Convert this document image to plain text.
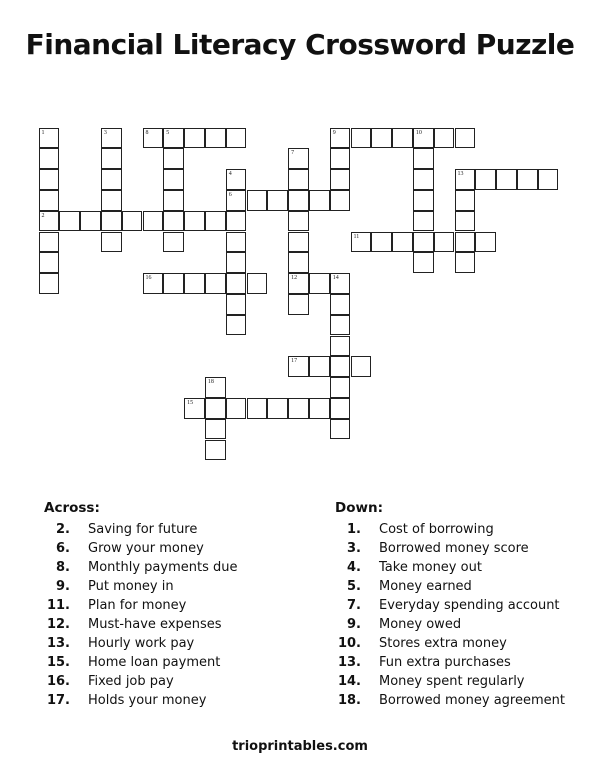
Financial Literacy Crossword Puzzle
1
2
3
4
6
5
7
12
9	10
13
14
18
8
11
15
16
17
Across:
2. Saving for future
6. Grow your money
8. Monthly payments due
9. Put money in
11. Plan for money
12. Must-have expenses
13. Hourly work pay
15. Home loan payment
16. Fixed job pay
17. Holds your money
Down:
1. Cost of borrowing
3. Borrowed money score
4. Take money out
5. Money earned
7. Everyday spending account
9. Money owed
10. Stores extra money
13. Fun extra purchases
14. Money spent regularly
18. Borrowed money agreement
trioprintables.com
